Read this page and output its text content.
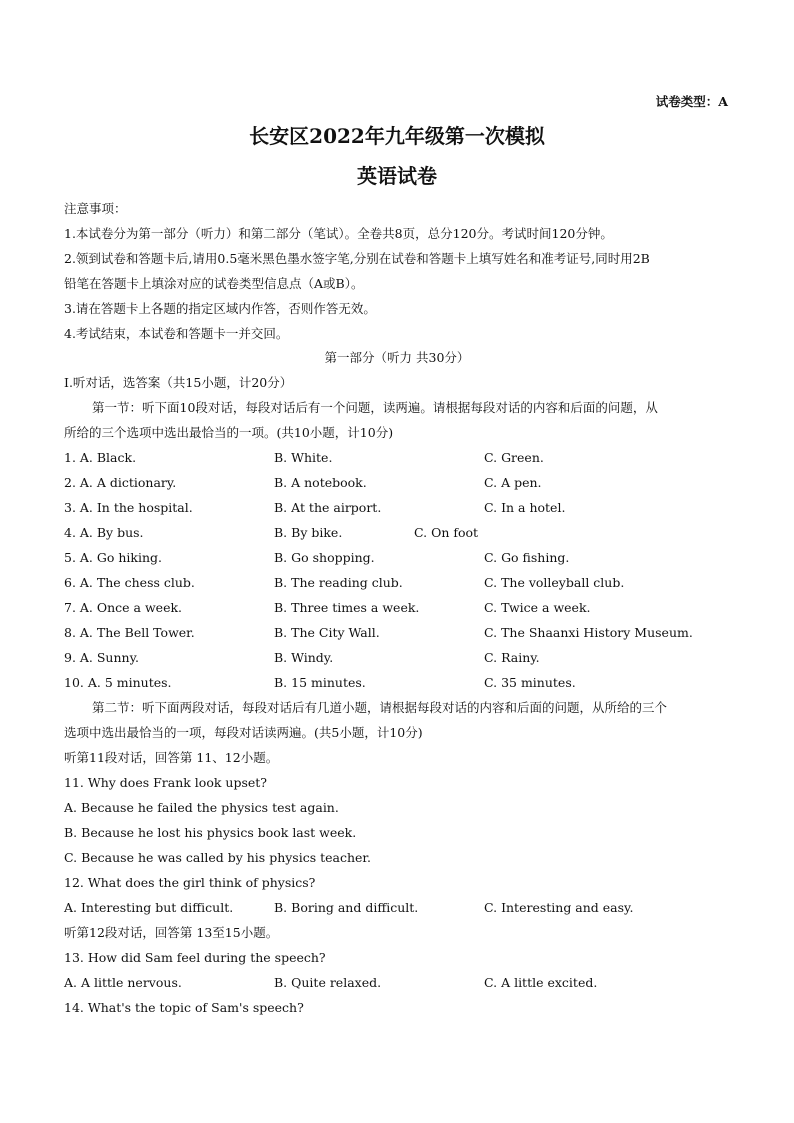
试卷类型：A
长安区2022年九年级第一次模拟
英语试卷
注意事项：
1.本试卷分为第一部分（听力）和第二部分（笔试）。全卷共8页，总分120分。考试时间120分钟。
2.领到试卷和答题卡后,请用0.5毫米黑色墨水签字笔,分别在试卷和答题卡上填写姓名和准考证号,同时用2B
铅笔在答题卡上填涂对应的试卷类型信息点（A或B）。
3.请在答题卡上各题的指定区域内作答，否则作答无效。
4.考试结束，本试卷和答题卡一并交回。
第一部分（听力 共30分）
I.听对话，选答案（共15小题，计20分）
第一节：听下面10段对话，每段对话后有一个问题，读两遍。请根据每段对话的内容和后面的问题，从
所给的三个选项中选出最恰当的一项。(共10小题，计10分)
1. A. Black.	B. White.	C. Green.
2. A. A dictionary.	B. A notebook.	C. A pen.
3. A. In the hospital.	B. At the airport.	C. In a hotel.
4. A. By bus.	B. By bike.	C. On foot
5. A. Go hiking.	B. Go shopping.	C. Go fishing.
6. A. The chess club.	B. The reading club.	C. The volleyball club.
7. A. Once a week.	B. Three times a week.	C. Twice a week.
8. A. The Bell Tower.	B. The City Wall.	C. The Shaanxi History Museum.
9. A. Sunny.	B. Windy.	C. Rainy.
10. A. 5 minutes.	B. 15 minutes.	C. 35 minutes.
第二节：听下面两段对话，每段对话后有几道小题，请根据每段对话的内容和后面的问题，从所给的三个
选项中选出最恰当的一项，每段对话读两遍。(共5小题，计10分)
听第11段对话，回答第 11、12小题。
11. Why does Frank look upset?
A. Because he failed the physics test again.
B. Because he lost his physics book last week.
C. Because he was called by his physics teacher.
12. What does the girl think of physics?
A. Interesting but difficult.	B. Boring and difficult.	C. Interesting and easy.
听第12段对话，回答第 13至15小题。
13. How did Sam feel during the speech?
A. A little nervous.	B. Quite relaxed.	C. A little excited.
14. What's the topic of Sam's speech?
